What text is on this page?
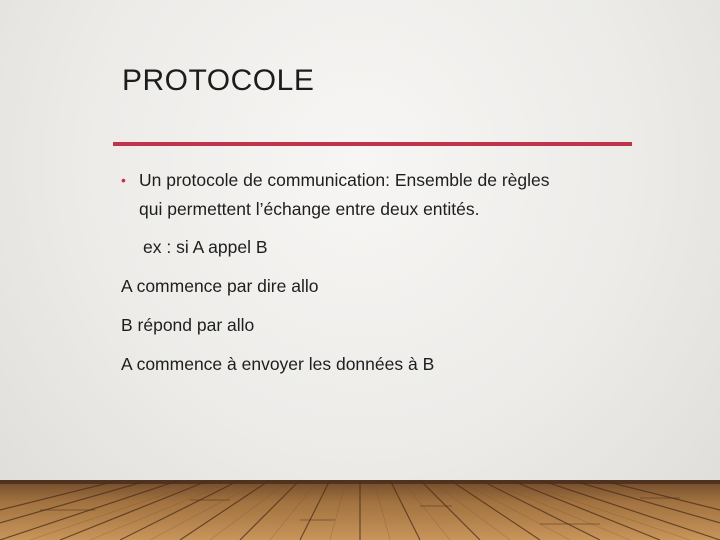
PROTOCOLE
• Un protocole de communication: Ensemble de règles
qui permettent l’échange entre deux entités.
ex : si A appel B
A commence par dire allo
B répond par allo
A commence à envoyer les données à B
